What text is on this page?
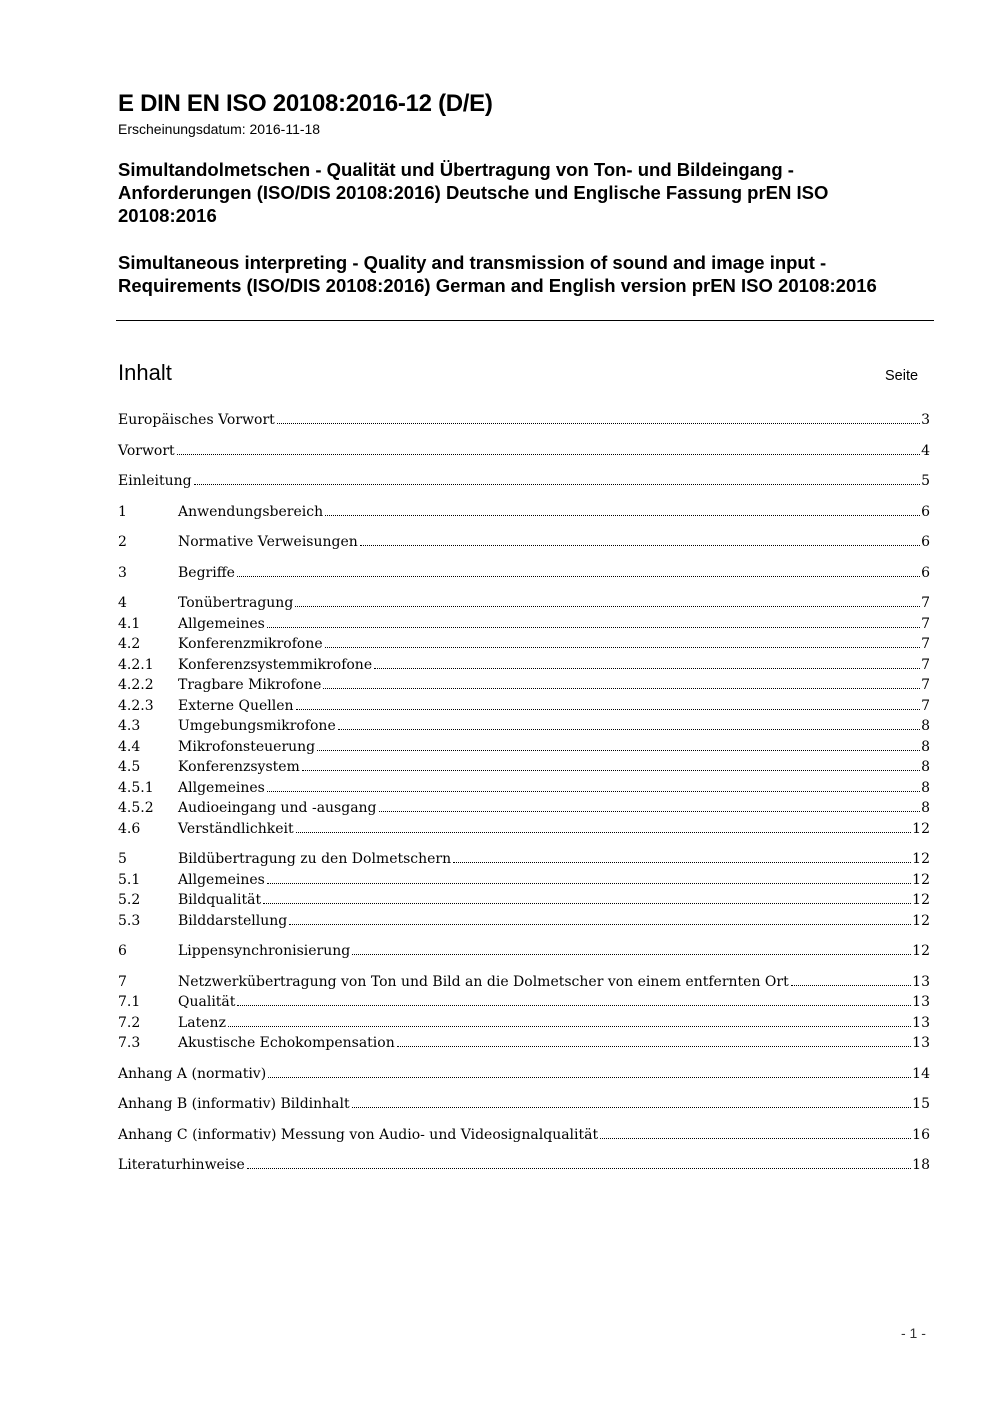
E DIN EN ISO 20108:2016-12 (D/E)
Erscheinungsdatum: 2016-11-18
Simultandolmetschen - Qualität und Übertragung von Ton- und Bildeingang - Anforderungen (ISO/DIS 20108:2016) Deutsche und Englische Fassung prEN ISO 20108:2016
Simultaneous interpreting - Quality and transmission of sound and image input - Requirements (ISO/DIS 20108:2016) German and English version prEN ISO 20108:2016
Inhalt	Seite
Europäisches Vorwort	3
Vorwort	4
Einleitung	5
1	Anwendungsbereich	6
2	Normative Verweisungen	6
3	Begriffe	6
4	Tonübertragung	7
4.1	Allgemeines	7
4.2	Konferenzmikrofone	7
4.2.1	Konferenzsystemmikrofone	7
4.2.2	Tragbare Mikrofone	7
4.2.3	Externe Quellen	7
4.3	Umgebungsmikrofone	8
4.4	Mikrofonsteuerung	8
4.5	Konferenzsystem	8
4.5.1	Allgemeines	8
4.5.2	Audioeingang und -ausgang	8
4.6	Verständlichkeit	12
5	Bildübertragung zu den Dolmetschern	12
5.1	Allgemeines	12
5.2	Bildqualität	12
5.3	Bilddarstellung	12
6	Lippensynchronisierung	12
7	Netzwerkübertragung von Ton und Bild an die Dolmetscher von einem entfernten Ort	13
7.1	Qualität	13
7.2	Latenz	13
7.3	Akustische Echokompensation	13
Anhang A (normativ)	14
Anhang B (informativ) Bildinhalt	15
Anhang C (informativ) Messung von Audio- und Videosignalqualität	16
Literaturhinweise	18
- 1 -
